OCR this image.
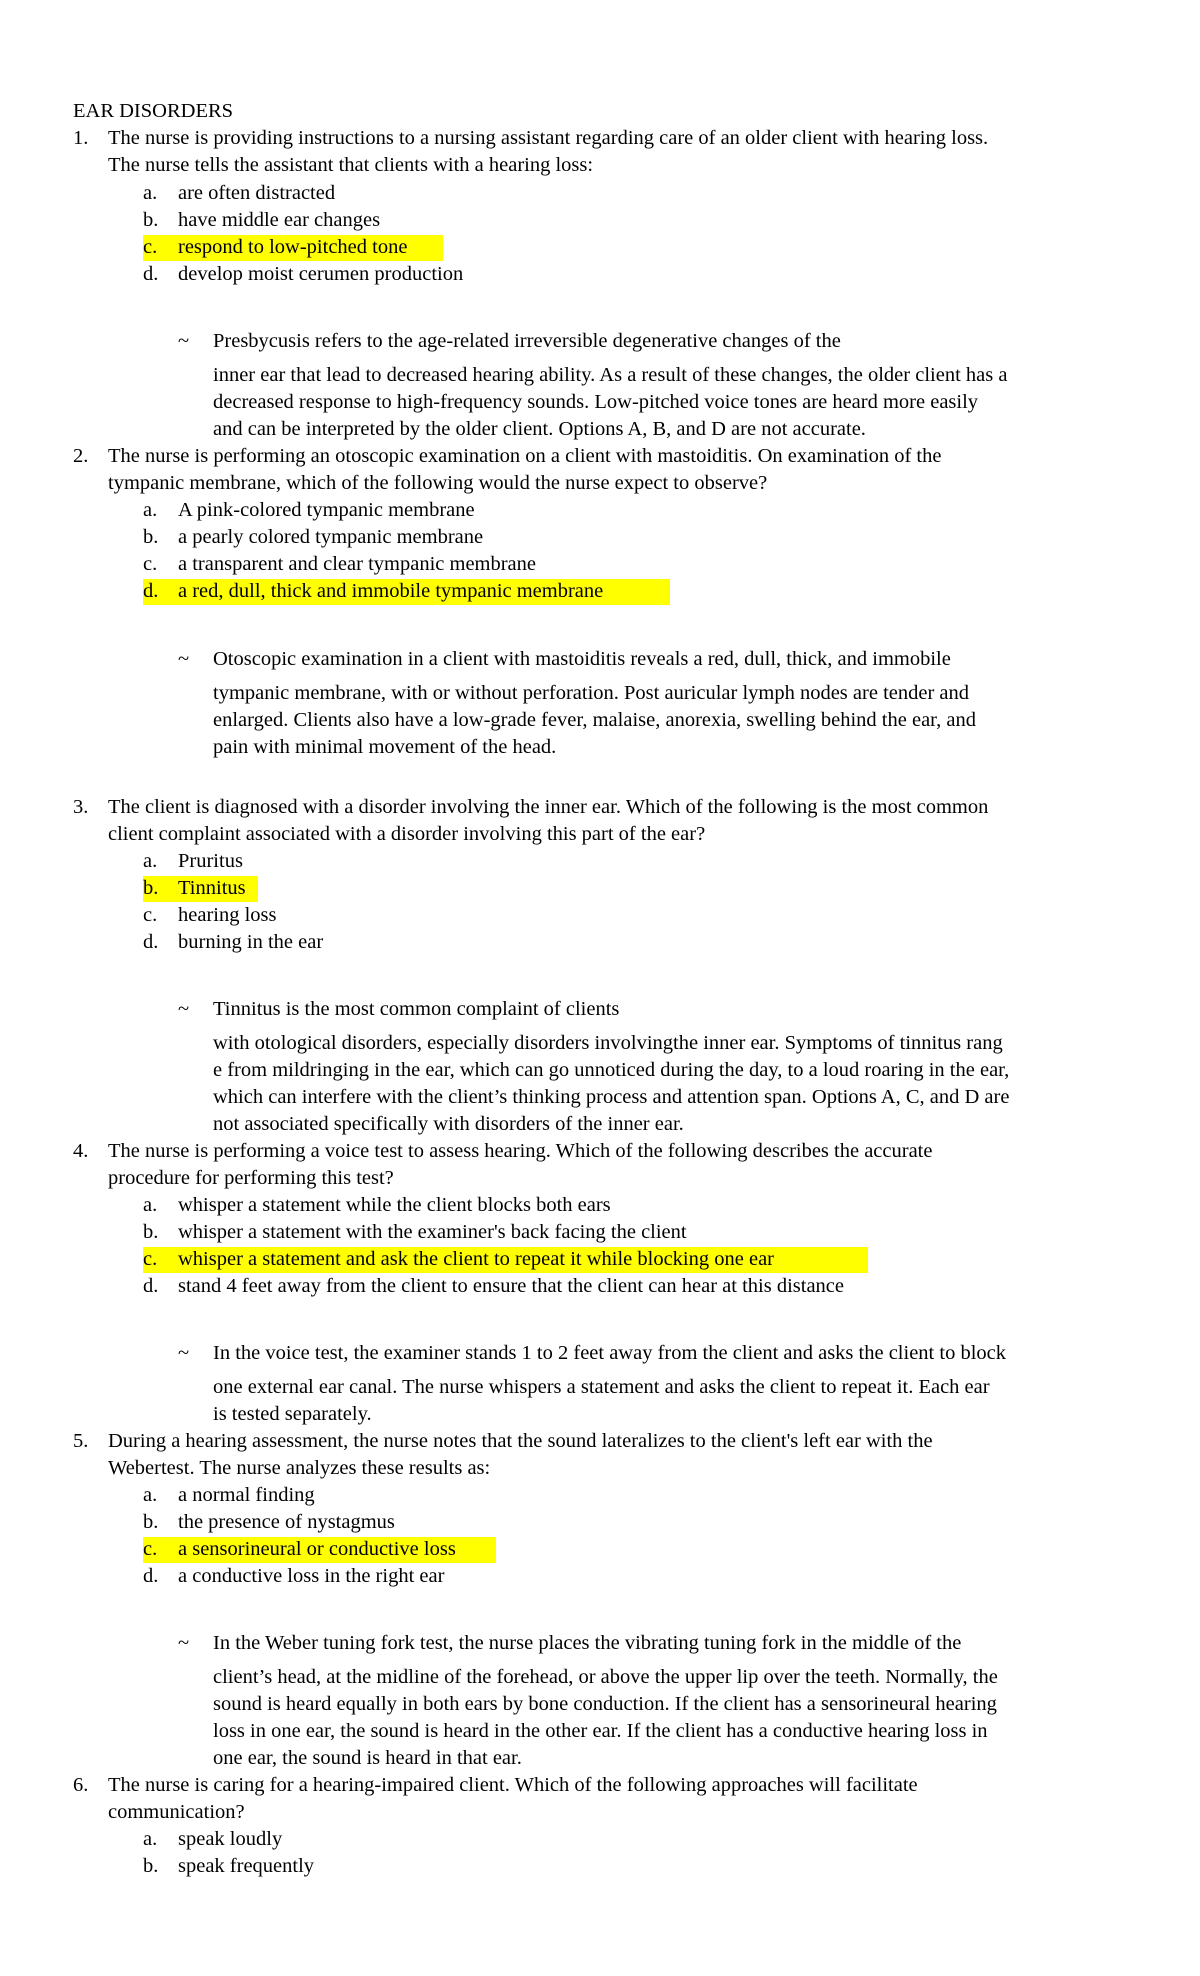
EAR DISORDERS
1. The nurse is providing instructions to a nursing assistant regarding care of an older client with hearing loss.
The nurse tells the assistant that clients with a hearing loss:
a. are often distracted
b. have middle ear changes
c. respond to low-pitched tone
d. develop moist cerumen production
~ Presbycusis refers to the age-related irreversible degenerative changes of the
inner ear that lead to decreased hearing ability. As a result of these changes, the older client has a
decreased response to high-frequency sounds. Low-pitched voice tones are heard more easily
and can be interpreted by the older client. Options A, B, and D are not accurate.
2. The nurse is performing an otoscopic examination on a client with mastoiditis. On examination of the
tympanic membrane, which of the following would the nurse expect to observe?
a. A pink-colored tympanic membrane
b. a pearly colored tympanic membrane
c. a transparent and clear tympanic membrane
d. a red, dull, thick and immobile tympanic membrane
~ Otoscopic examination in a client with mastoiditis reveals a red, dull, thick, and immobile
tympanic membrane, with or without perforation. Post auricular lymph nodes are tender and
enlarged. Clients also have a low-grade fever, malaise, anorexia, swelling behind the ear, and
pain with minimal movement of the head.
3. The client is diagnosed with a disorder involving the inner ear. Which of the following is the most common
client complaint associated with a disorder involving this part of the ear?
a. Pruritus
b. Tinnitus
c. hearing loss
d. burning in the ear
~ Tinnitus is the most common complaint of clients
with otological disorders, especially disorders involvingthe inner ear. Symptoms of tinnitus rang
e from mildringing in the ear, which can go unnoticed during the day, to a loud roaring in the ear,
which can interfere with the client’s thinking process and attention span. Options A, C, and D are
not associated specifically with disorders of the inner ear.
4. The nurse is performing a voice test to assess hearing. Which of the following describes the accurate
procedure for performing this test?
a. whisper a statement while the client blocks both ears
b. whisper a statement with the examiner's back facing the client
c. whisper a statement and ask the client to repeat it while blocking one ear
d. stand 4 feet away from the client to ensure that the client can hear at this distance
~ In the voice test, the examiner stands 1 to 2 feet away from the client and asks the client to block
one external ear canal. The nurse whispers a statement and asks the client to repeat it. Each ear
is tested separately.
5. During a hearing assessment, the nurse notes that the sound lateralizes to the client's left ear with the
Webertest. The nurse analyzes these results as:
a. a normal finding
b. the presence of nystagmus
c. a sensorineural or conductive loss
d. a conductive loss in the right ear
~ In the Weber tuning fork test, the nurse places the vibrating tuning fork in the middle of the
client’s head, at the midline of the forehead, or above the upper lip over the teeth. Normally, the
sound is heard equally in both ears by bone conduction. If the client has a sensorineural hearing
loss in one ear, the sound is heard in the other ear. If the client has a conductive hearing loss in
one ear, the sound is heard in that ear.
6. The nurse is caring for a hearing-impaired client. Which of the following approaches will facilitate
communication?
a. speak loudly
b. speak frequently
